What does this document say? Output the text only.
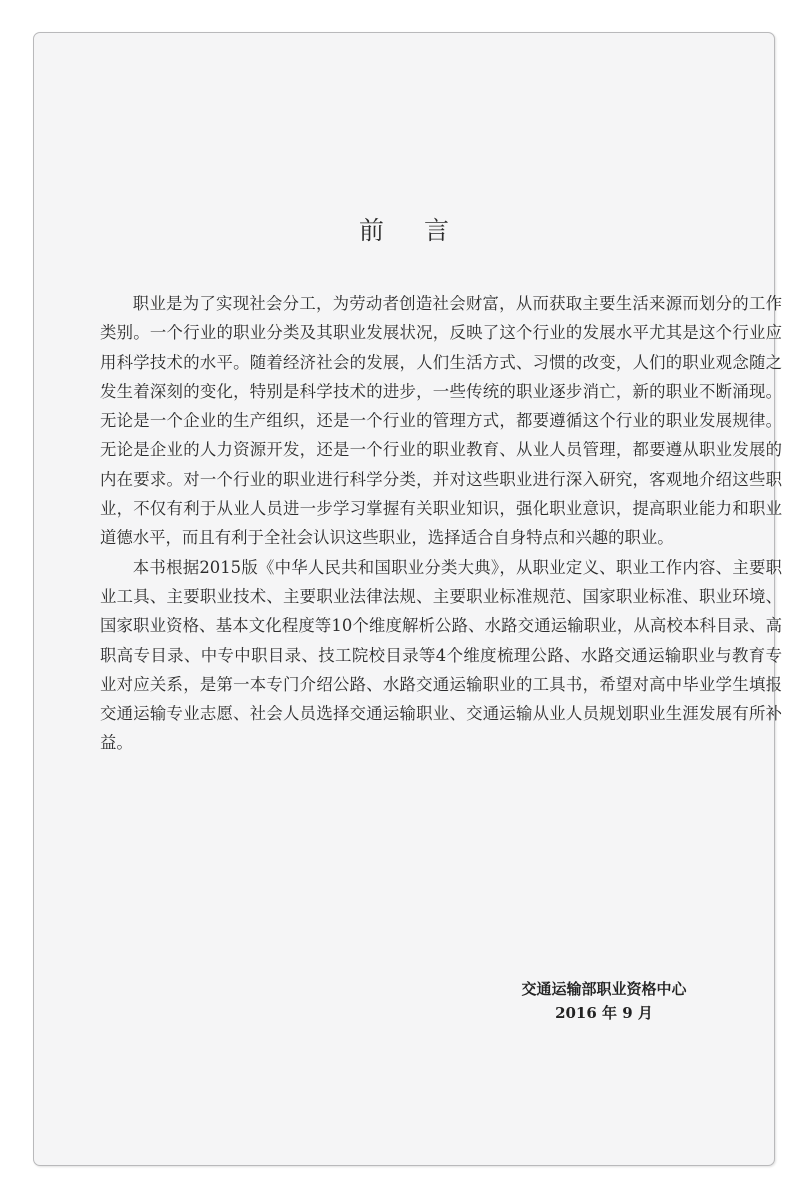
前言

职业是为了实现社会分工，为劳动者创造社会财富，从而获取主要生活来源而划分的工作类别。一个行业的职业分类及其职业发展状况，反映了这个行业的发展水平尤其是这个行业应用科学技术的水平。随着经济社会的发展，人们生活方式、习惯的改变，人们的职业观念随之发生着深刻的变化，特别是科学技术的进步，一些传统的职业逐步消亡，新的职业不断涌现。无论是一个企业的生产组织，还是一个行业的管理方式，都要遵循这个行业的职业发展规律。无论是企业的人力资源开发，还是一个行业的职业教育、从业人员管理，都要遵从职业发展的内在要求。对一个行业的职业进行科学分类，并对这些职业进行深入研究，客观地介绍这些职业，不仅有利于从业人员进一步学习掌握有关职业知识，强化职业意识，提高职业能力和职业道德水平，而且有利于全社会认识这些职业，选择适合自身特点和兴趣的职业。

本书根据2015版《中华人民共和国职业分类大典》，从职业定义、职业工作内容、主要职业工具、主要职业技术、主要职业法律法规、主要职业标准规范、国家职业标准、职业环境、国家职业资格、基本文化程度等10个维度解析公路、水路交通运输职业，从高校本科目录、高职高专目录、中专中职目录、技工院校目录等4个维度梳理公路、水路交通运输职业与教育专业对应关系，是第一本专门介绍公路、水路交通运输职业的工具书，希望对高中毕业学生填报交通运输专业志愿、社会人员选择交通运输职业、交通运输从业人员规划职业生涯发展有所补益。

交通运输部职业资格中心
2016 年 9 月
